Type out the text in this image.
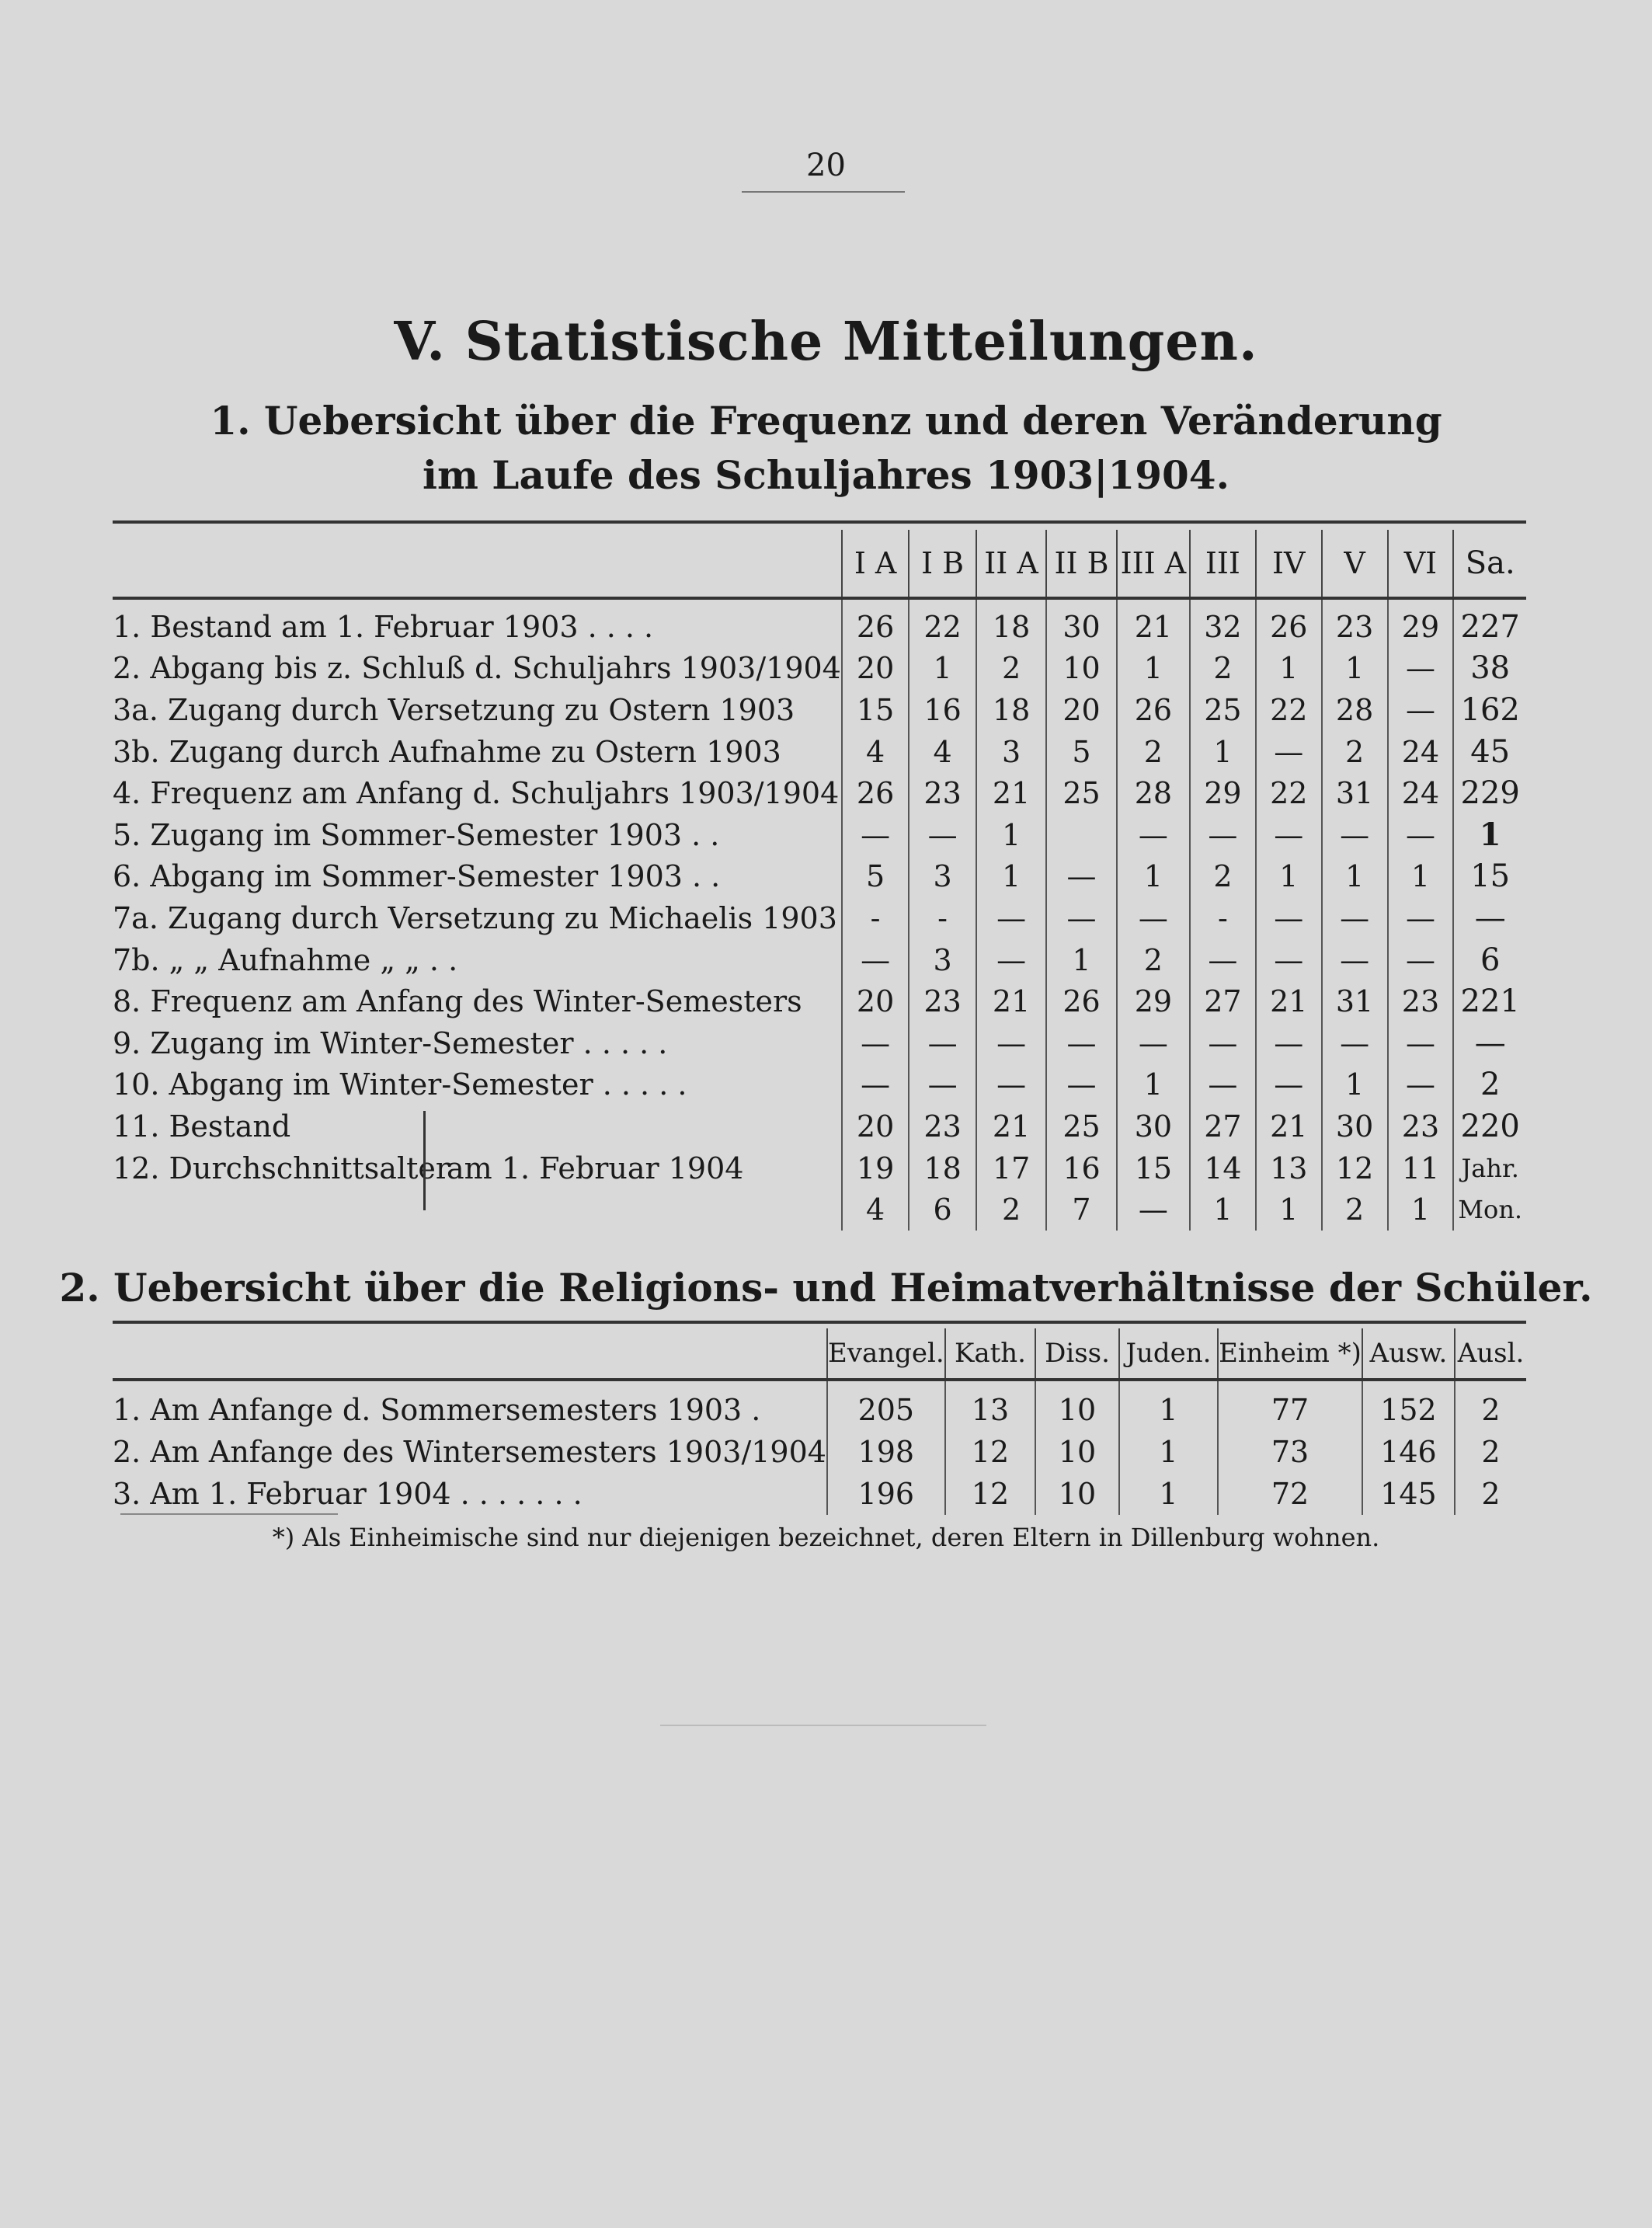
20
V. Statistische Mitteilungen.
1. Uebersicht über die Frequenz und deren Veränderung
im Laufe des Schuljahres 1903|1904.
	I A	I B	II A	II B	III A	III	IV	V	VI	Sa.
1. Bestand am 1. Februar 1903 . . . .	26	22	18	30	21	32	26	23	29	227
2. Abgang bis z. Schluß d. Schuljahrs 1903/1904	20	1	2	10	1	2	1	1	—	38
3a. Zugang durch Versetzung zu Ostern 1903	15	16	18	20	26	25	22	28	—	162
3b. Zugang durch Aufnahme zu Ostern 1903	4	4	3	5	2	1	—	2	24	45
4. Frequenz am Anfang d. Schuljahrs 1903/1904	26	23	21	25	28	29	22	31	24	229
5. Zugang im Sommer-Semester 1903 . .	—	—	1		—	—	—	—	—	1
6. Abgang im Sommer-Semester 1903 . .	5	3	1	—	1	2	1	1	1	15
7a. Zugang durch Versetzung zu Michaelis 1903	-	-	—	—	—	-	—	—	—	—
7b. „ „ Aufnahme „ „ . .	—	3	—	1	2	—	—	—	—	6
8. Frequenz am Anfang des Winter-Semesters	20	23	21	26	29	27	21	31	23	221
9. Zugang im Winter-Semester . . . . .	—	—	—	—	—	—	—	—	—	—
10. Abgang im Winter-Semester . . . . .	—	—	—	—	1	—	—	1	—	2
11. Bestand	20	23	21	25	30	27	21	30	23	220
12. Durchschnittsalter	19	18	17	16	15	14	13	12	11	Jahr.
	4	6	2	7	—	1	1	2	1	Mon.
am 1. Februar 1904
2. Uebersicht über die Religions- und Heimatverhältnisse der Schüler.
	Evangel.	Kath.	Diss.	Juden.	Einheim *)	Ausw.	Ausl.
1. Am Anfange d. Sommersemesters 1903 .	205	13	10	1	77	152	2
2. Am Anfange des Wintersemesters 1903/1904	198	12	10	1	73	146	2
3. Am 1. Februar 1904 . . . . . . .	196	12	10	1	72	145	2
*) Als Einheimische sind nur diejenigen bezeichnet, deren Eltern in Dillenburg wohnen.
